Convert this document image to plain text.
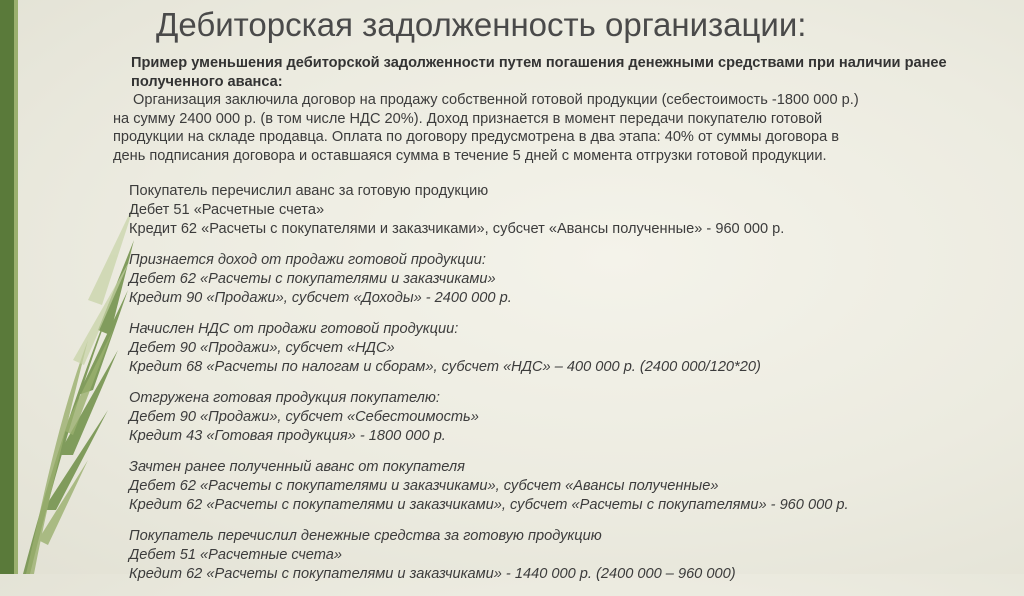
Дебиторская задолженность организации:
Пример уменьшения дебиторской задолженности путем погашения денежными средствами при наличии ранее полученного аванса:
Организация заключила договор на продажу собственной готовой продукции (себестоимость -1800 000 р.)
на сумму 2400 000 р. (в том числе НДС 20%). Доход признается в момент передачи покупателю готовой
продукции на складе продавца. Оплата по договору предусмотрена в два этапа: 40% от суммы договора в
день подписания договора и оставшаяся сумма в течение 5 дней с момента отгрузки готовой продукции.
Покупатель перечислил аванс за готовую продукцию
Дебет 51 «Расчетные счета»
Кредит 62 «Расчеты с покупателями и заказчиками», субсчет «Авансы полученные» - 960 000 р.
Признается доход от продажи готовой продукции:
Дебет 62 «Расчеты с покупателями и заказчиками»
Кредит 90 «Продажи», субсчет «Доходы» - 2400 000 р.
Начислен НДС от продажи готовой продукции:
Дебет 90 «Продажи», субсчет «НДС»
Кредит 68 «Расчеты по налогам и сборам», субсчет «НДС» – 400 000 р. (2400 000/120*20)
Отгружена готовая продукция покупателю:
Дебет 90 «Продажи», субсчет «Себестоимость»
Кредит 43 «Готовая продукция» - 1800 000 р.
Зачтен ранее полученный аванс от покупателя
Дебет 62 «Расчеты с покупателями и заказчиками», субсчет «Авансы полученные»
Кредит 62 «Расчеты с покупателями и заказчиками», субсчет «Расчеты с покупателями» - 960 000 р.
Покупатель перечислил денежные средства за готовую продукцию
Дебет 51 «Расчетные счета»
Кредит 62 «Расчеты с покупателями и заказчиками» - 1440 000 р. (2400 000 – 960 000)
